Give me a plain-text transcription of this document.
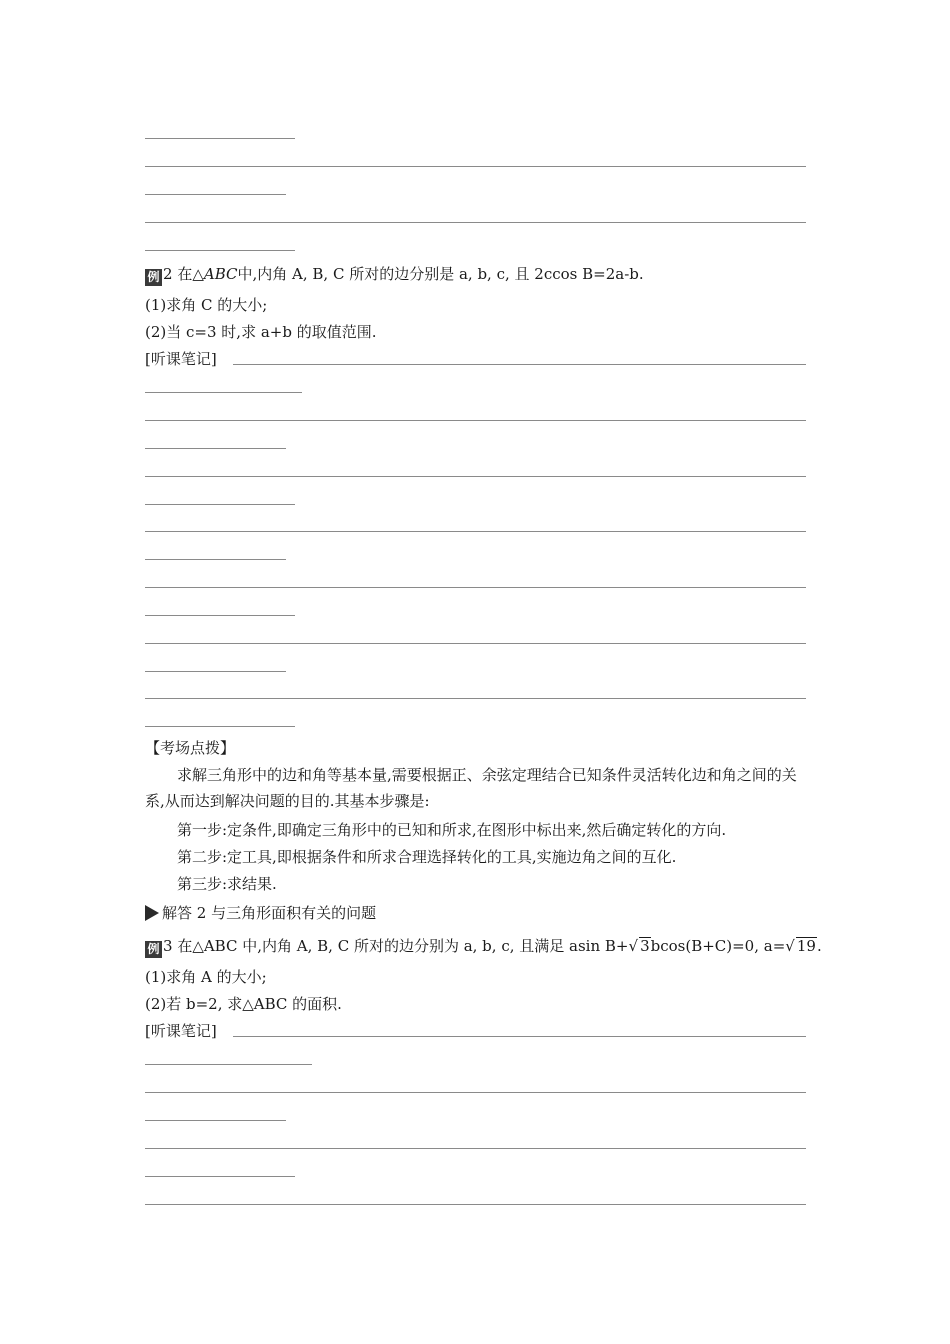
例 2 在△ABC中,内角 A, B, C 所对的边分别是 a, b, c, 且 2ccos B=2a-b.
(1)求角 C 的大小;
(2)当 c=3 时,求 a+b 的取值范围.
[听课笔记]
【考场点拨】
求解三角形中的边和角等基本量,需要根据正、余弦定理结合已知条件灵活转化边和角之间的关系,从而达到解决问题的目的.其基本步骤是:
第一步:定条件,即确定三角形中的已知和所求,在图形中标出来,然后确定转化的方向.
第二步:定工具,即根据条件和所求合理选择转化的工具,实施边角之间的互化.
第三步:求结果.
解答 2 与三角形面积有关的问题
例 3 在△ABC 中,内角 A, B, C 所对的边分别为 a, b, c, 且满足 asin B+√ 3bcos(B+C)=0, a=√ 19.
(1)求角 A 的大小;
(2)若 b=2, 求△ABC 的面积.
[听课笔记]
